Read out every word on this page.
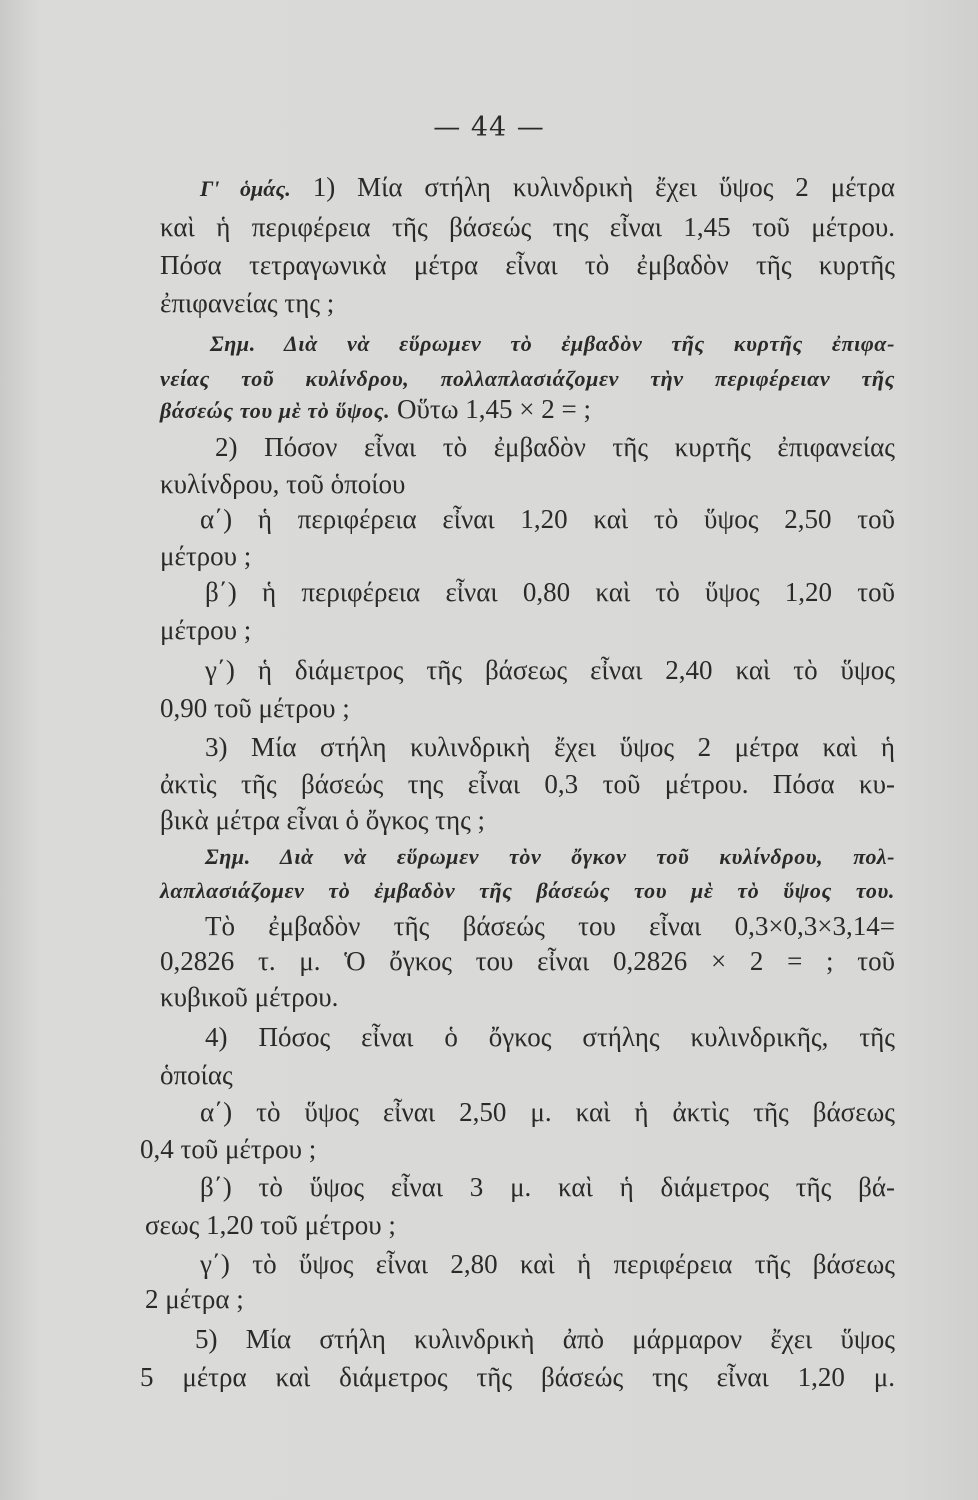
— 44 —
Γ' ὁμάς. 1) Μία στήλη κυλινδρικὴ ἔχει ὕψος 2 μέτρα
καὶ ἡ περιφέρεια τῆς βάσεώς της εἶναι 1,45 τοῦ μέτρου.
Πόσα τετραγωνικὰ μέτρα εἶναι τὸ ἐμβαδὸν τῆς κυρτῆς
ἐπιφανείας της ;
Σημ. Διὰ νὰ εὕρωμεν τὸ ἐμβαδὸν τῆς κυρτῆς ἐπιφα-
νείας τοῦ κυλίνδρου, πολλαπλασιάζομεν τὴν περιφέρειαν τῆς
βάσεώς του μὲ τὸ ὕψος. Οὕτω 1,45 × 2 = ;
2) Πόσον εἶναι τὸ ἐμβαδὸν τῆς κυρτῆς ἐπιφανείας
κυλίνδρου, τοῦ ὁποίου
α΄) ἡ περιφέρεια εἶναι 1,20 καὶ τὸ ὕψος 2,50 τοῦ
μέτρου ;
β΄) ἡ περιφέρεια εἶναι 0,80 καὶ τὸ ὕψος 1,20 τοῦ
μέτρου ;
γ΄) ἡ διάμετρος τῆς βάσεως εἶναι 2,40 καὶ τὸ ὕψος
0,90 τοῦ μέτρου ;
3) Μία στήλη κυλινδρικὴ ἔχει ὕψος 2 μέτρα καὶ ἡ
ἀκτὶς τῆς βάσεώς της εἶναι 0,3 τοῦ μέτρου. Πόσα κυ-
βικὰ μέτρα εἶναι ὁ ὄγκος της ;
Σημ. Διὰ νὰ εὕρωμεν τὸν ὄγκον τοῦ κυλίνδρου, πολ-
λαπλασιάζομεν τὸ ἐμβαδὸν τῆς βάσεώς του μὲ τὸ ὕψος του.
Τὸ ἐμβαδὸν τῆς βάσεώς του εἶναι 0,3×0,3×3,14=
0,2826 τ. μ. Ὁ ὄγκος του εἶναι 0,2826 × 2 = ; τοῦ
κυβικοῦ μέτρου.
4) Πόσος εἶναι ὁ ὄγκος στήλης κυλινδρικῆς, τῆς
ὁποίας
α΄) τὸ ὕψος εἶναι 2,50 μ. καὶ ἡ ἀκτὶς τῆς βάσεως
0,4 τοῦ μέτρου ;
β΄) τὸ ὕψος εἶναι 3 μ. καὶ ἡ διάμετρος τῆς βά-
σεως 1,20 τοῦ μέτρου ;
γ΄) τὸ ὕψος εἶναι 2,80 καὶ ἡ περιφέρεια τῆς βάσεως
2 μέτρα ;
5) Μία στήλη κυλινδρικὴ ἀπὸ μάρμαρον ἔχει ὕψος
5 μέτρα καὶ διάμετρος τῆς βάσεώς της εἶναι 1,20 μ.
